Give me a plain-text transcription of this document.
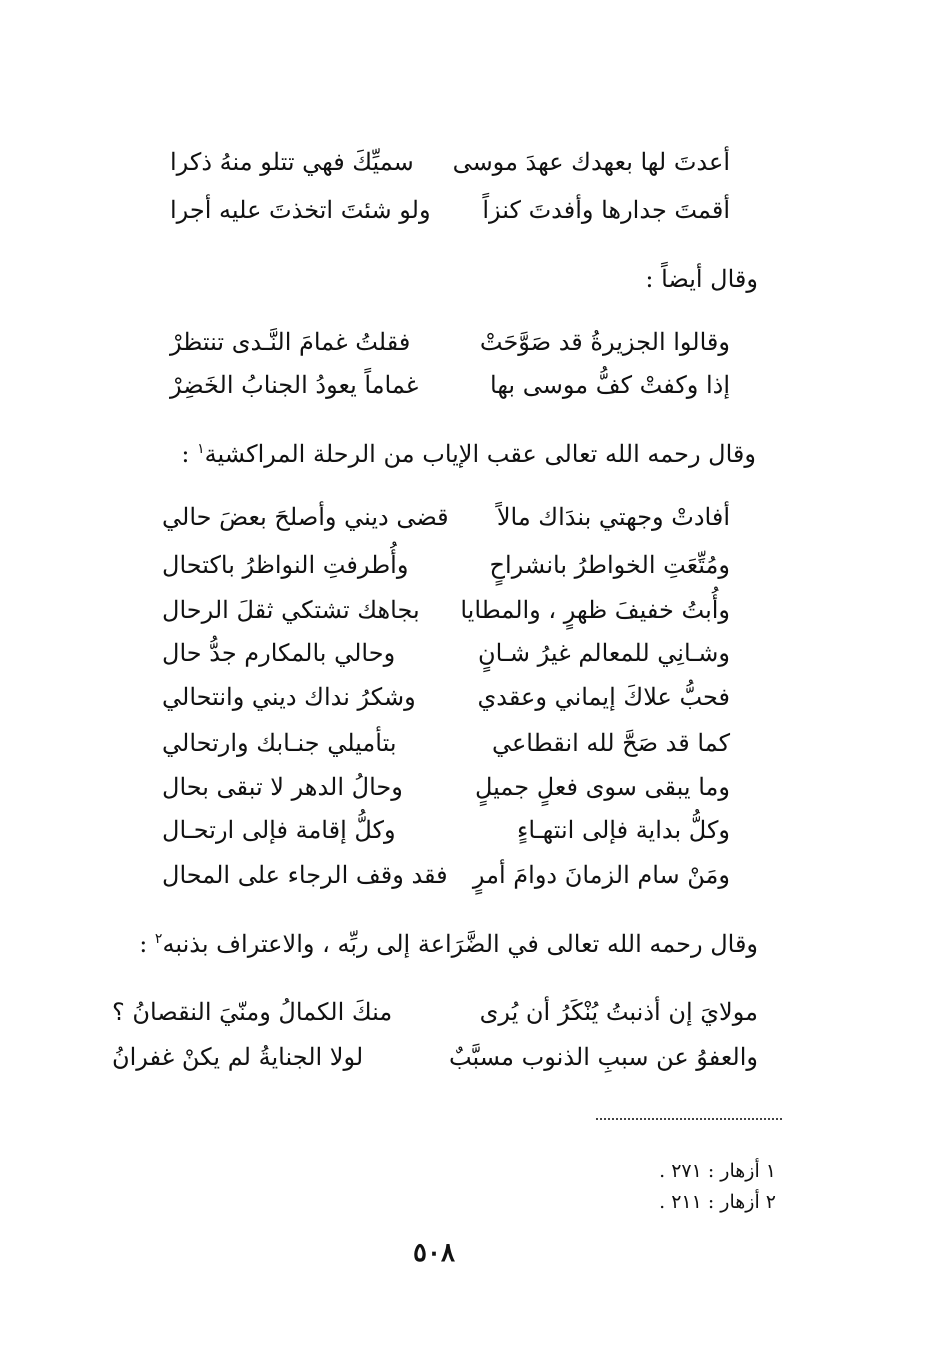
أعدتَ لها بعهدك عهدَ موسى
سميِّكَ فهي تتلو منهُ ذكرا
أقمتَ جدارها وأفدتَ كنزاً
ولو شئتَ اتخذتَ عليه أجرا
وقال أيضاً :
وقالوا الجزيرةُ قد صَوَّحَتْ
فقلتُ غمامَ النَّـدى تنتظرْ
إذا وكفتْ كفُّ موسى بها
غماماً يعودُ الجنابُ الخَضِرْ
وقال رحمه الله تعالى عقب الإياب من الرحلة المراكشية$^١$ :
أفادتْ وجهتي بندَاك مالاً
قضى ديني وأصلحَ بعضَ حالي
ومُتِّعَتِ الخواطرُ بانشراحٍ
وأُطرفتِ النواظرُ باكتحال
وأُبتُ خفيفَ ظهرٍ ، والمطايا
بجاهك تشتكي ثقلَ الرحال
وشـانِي للمعالم غيرُ شـانٍ
وحالي بالمكارم جدُّ حال
فحبُّ علاكَ إيماني وعقدي
وشكرُ نداك ديني وانتحالي
كما قد صَحَّ لله انقطاعي
بتأميلي جنـابك وارتحالي
وما يبقى سوى فعلٍ جميلٍ
وحالُ الدهر لا تبقى بحال
وكلُّ بداية فإلى انتهـاءٍ
وكلُّ إقامة فإلى ارتحـال
ومَنْ سام الزمانَ دوامَ أمرٍ
فقد وقف الرجاء على المحال
وقال رحمه الله تعالى في الضَّرَاعة إلى ربِّه ، والاعتراف بذنبه$^٢$ :
مولايَ إن أذنبتُ يُنْكَرُ أن يُرى
منكَ الكمالُ ومنّيَ النقصانُ ؟
والعفوُ عن سببِ الذنوب مسبَّبٌ
لولا الجنايةُ لم يكنْ غفرانُ
١ أزهار : ٢٧١ .
٢ أزهار : ٢١١ .
٥٠٨
